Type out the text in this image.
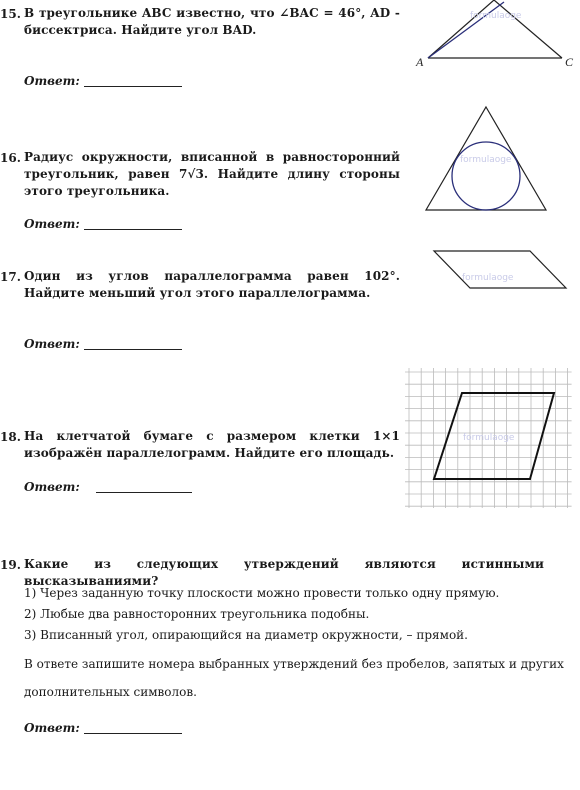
15. В треугольнике ABC известно, что ∠BAC = 46°, AD - биссектриса. Найдите угол BAD.
Ответ:
formulaoge
A	C
16. Радиус окружности, вписанной в равносторонний треугольник, равен 7√3. Найдите длину стороны этого треугольника.
Ответ:
formulaoge
17. Один из углов параллелограмма равен 102°. Найдите меньший угол этого параллелограмма.
Ответ:
formulaoge
18. На клетчатой бумаге с размером клетки 1×1 изображён параллелограмм. Найдите его площадь.
Ответ:
formulaoge
19. Какие из следующих утверждений являются истинными высказываниями?
1) Через заданную точку плоскости можно провести только одну прямую.
2) Любые два равносторонних треугольника подобны.
3) Вписанный угол, опирающийся на диаметр окружности, – прямой.
В ответе запишите номера выбранных утверждений без пробелов, запятых и других
дополнительных символов.
Ответ:
